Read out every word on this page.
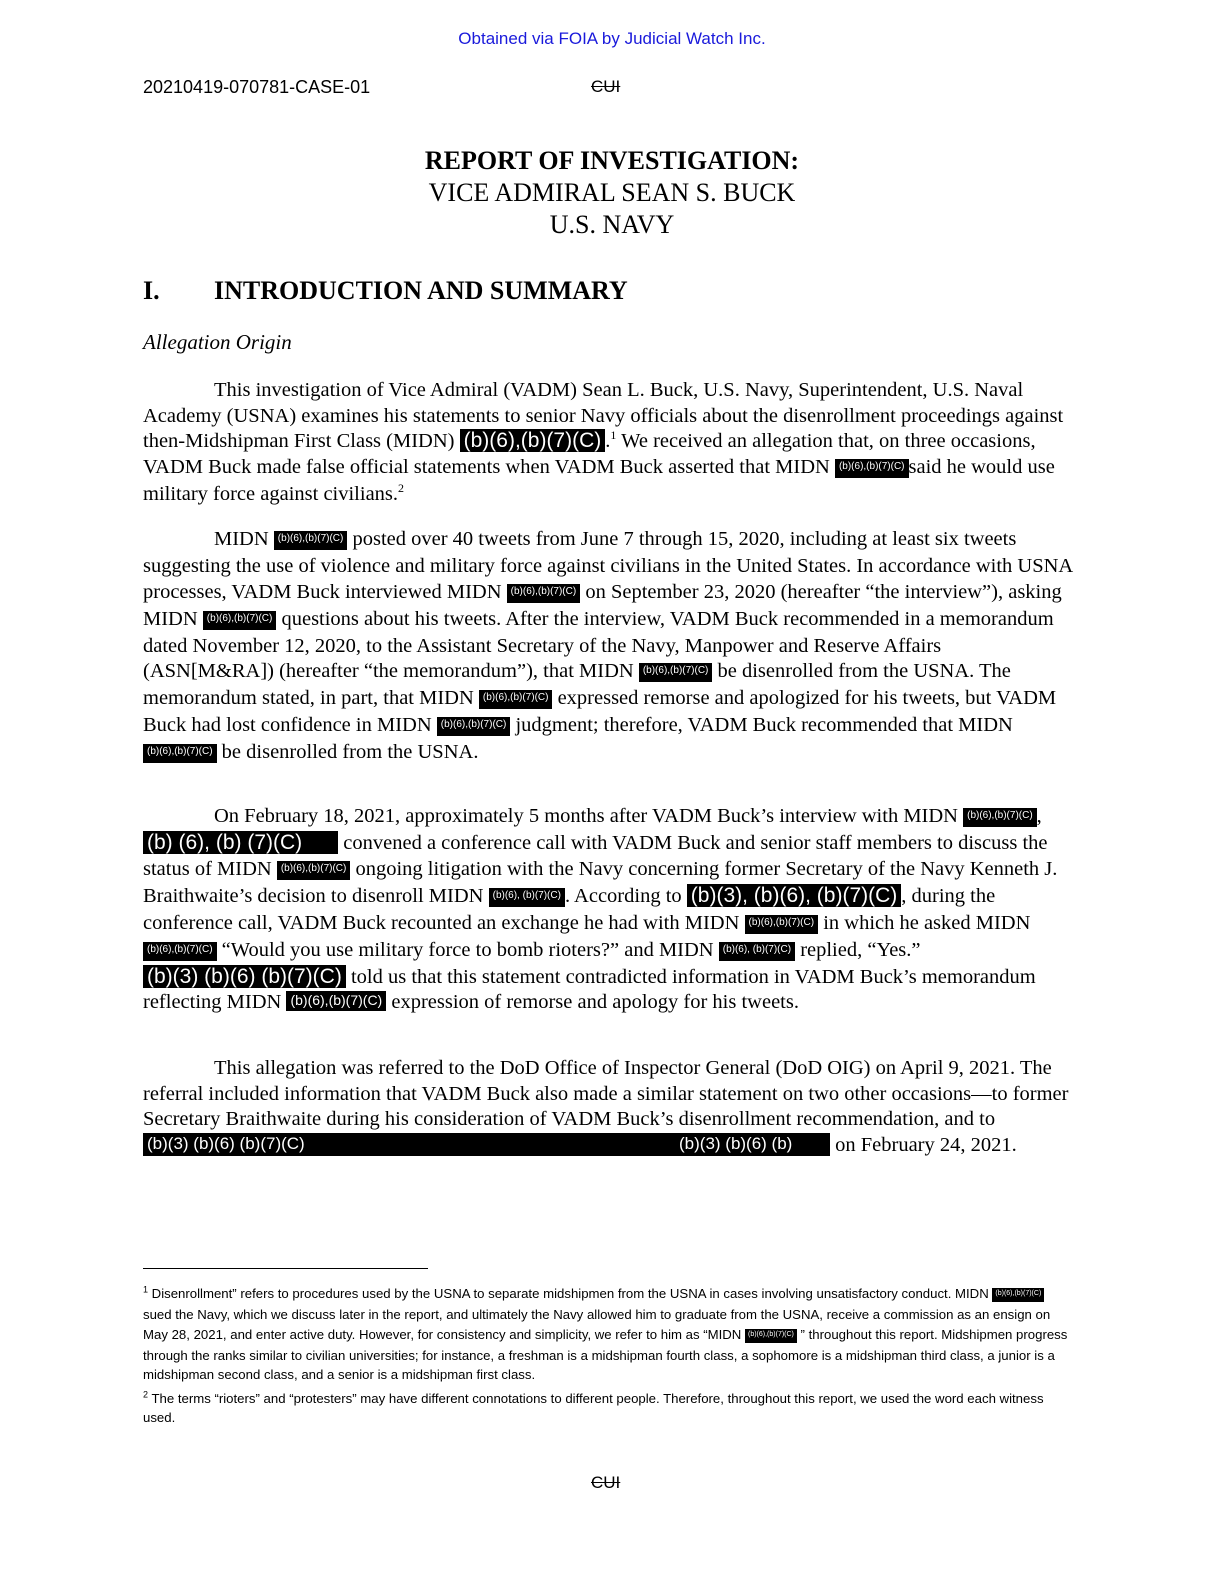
Obtained via FOIA by Judicial Watch Inc.
20210419-070781-CASE-01	CUI
REPORT OF INVESTIGATION:
VICE ADMIRAL SEAN S. BUCK
U.S. NAVY
I. INTRODUCTION AND SUMMARY
Allegation Origin

This investigation of Vice Admiral (VADM) Sean L. Buck, U.S. Navy, Superintendent, U.S. Naval Academy (USNA) examines his statements to senior Navy officials about the disenrollment proceedings against then-Midshipman First Class (MIDN) (b)(6),(b)(7)(C) .$^1$ We received an allegation that, on three occasions, VADM Buck made false official statements when VADM Buck asserted that MIDN (b)(6),(b)(7)(C) said he would use military force against civilians.$^2$

MIDN (b)(6),(b)(7)(C) posted over 40 tweets from June 7 through 15, 2020, including at least six tweets suggesting the use of violence and military force against civilians in the United States. In accordance with USNA processes, VADM Buck interviewed MIDN (b)(6),(b)(7)(C) on September 23, 2020 (hereafter “the interview”), asking MIDN (b)(6),(b)(7)(C) questions about his tweets. After the interview, VADM Buck recommended in a memorandum dated November 12, 2020, to the Assistant Secretary of the Navy, Manpower and Reserve Affairs (ASN[M&RA]) (hereafter “the memorandum”), that MIDN (b)(6),(b)(7)(C) be disenrolled from the USNA. The memorandum stated, in part, that MIDN (b)(6),(b)(7)(C) expressed remorse and apologized for his tweets, but VADM Buck had lost confidence in MIDN (b)(6),(b)(7)(C) judgment; therefore, VADM Buck recommended that MIDN (b)(6),(b)(7)(C) be disenrolled from the USNA.

On February 18, 2021, approximately 5 months after VADM Buck’s interview with MIDN (b)(6),(b)(7)(C) , (b) (6), (b) (7)(C) convened a conference call with VADM Buck and senior staff members to discuss the status of MIDN (b)(6),(b)(7)(C) ongoing litigation with the Navy concerning former Secretary of the Navy Kenneth J. Braithwaite’s decision to disenroll MIDN (b)(6), (b)(7)(C) . According to (b)(3), (b)(6), (b)(7)(C) , during the conference call, VADM Buck recounted an exchange he had with MIDN (b)(6),(b)(7)(C) in which he asked MIDN (b)(6),(b)(7)(C) “Would you use military force to bomb rioters?” and MIDN (b)(6), (b)(7)(C) replied, “Yes.” (b)(3) (b)(6) (b)(7)(C) told us that this statement contradicted information in VADM Buck’s memorandum reflecting MIDN (b)(6),(b)(7)(C) expression of remorse and apology for his tweets.

This allegation was referred to the DoD Office of Inspector General (DoD OIG) on April 9, 2021. The referral included information that VADM Buck also made a similar statement on two other occasions—to former Secretary Braithwaite during his consideration of VADM Buck’s disenrollment recommendation, and to (b)(3) (b)(6) (b)(7)(C)	(b)(3) (b)(6) (b) on February 24, 2021.

$^1$ Disenrollment” refers to procedures used by the USNA to separate midshipmen from the USNA in cases involving unsatisfactory conduct. MIDN (b)(6),(b)(7)(C) sued the Navy, which we discuss later in the report, and ultimately the Navy allowed him to graduate from the USNA, receive a commission as an ensign on May 28, 2021, and enter active duty. However, for consistency and simplicity, we refer to him as “MIDN (b)(6),(b)(7)(C) ” throughout this report. Midshipmen progress through the ranks similar to civilian universities; for instance, a freshman is a midshipman fourth class, a sophomore is a midshipman third class, a junior is a midshipman second class, and a senior is a midshipman first class.

$^2$ The terms “rioters” and “protesters” may have different connotations to different people. Therefore, throughout this report, we used the word each witness used.

CUI
